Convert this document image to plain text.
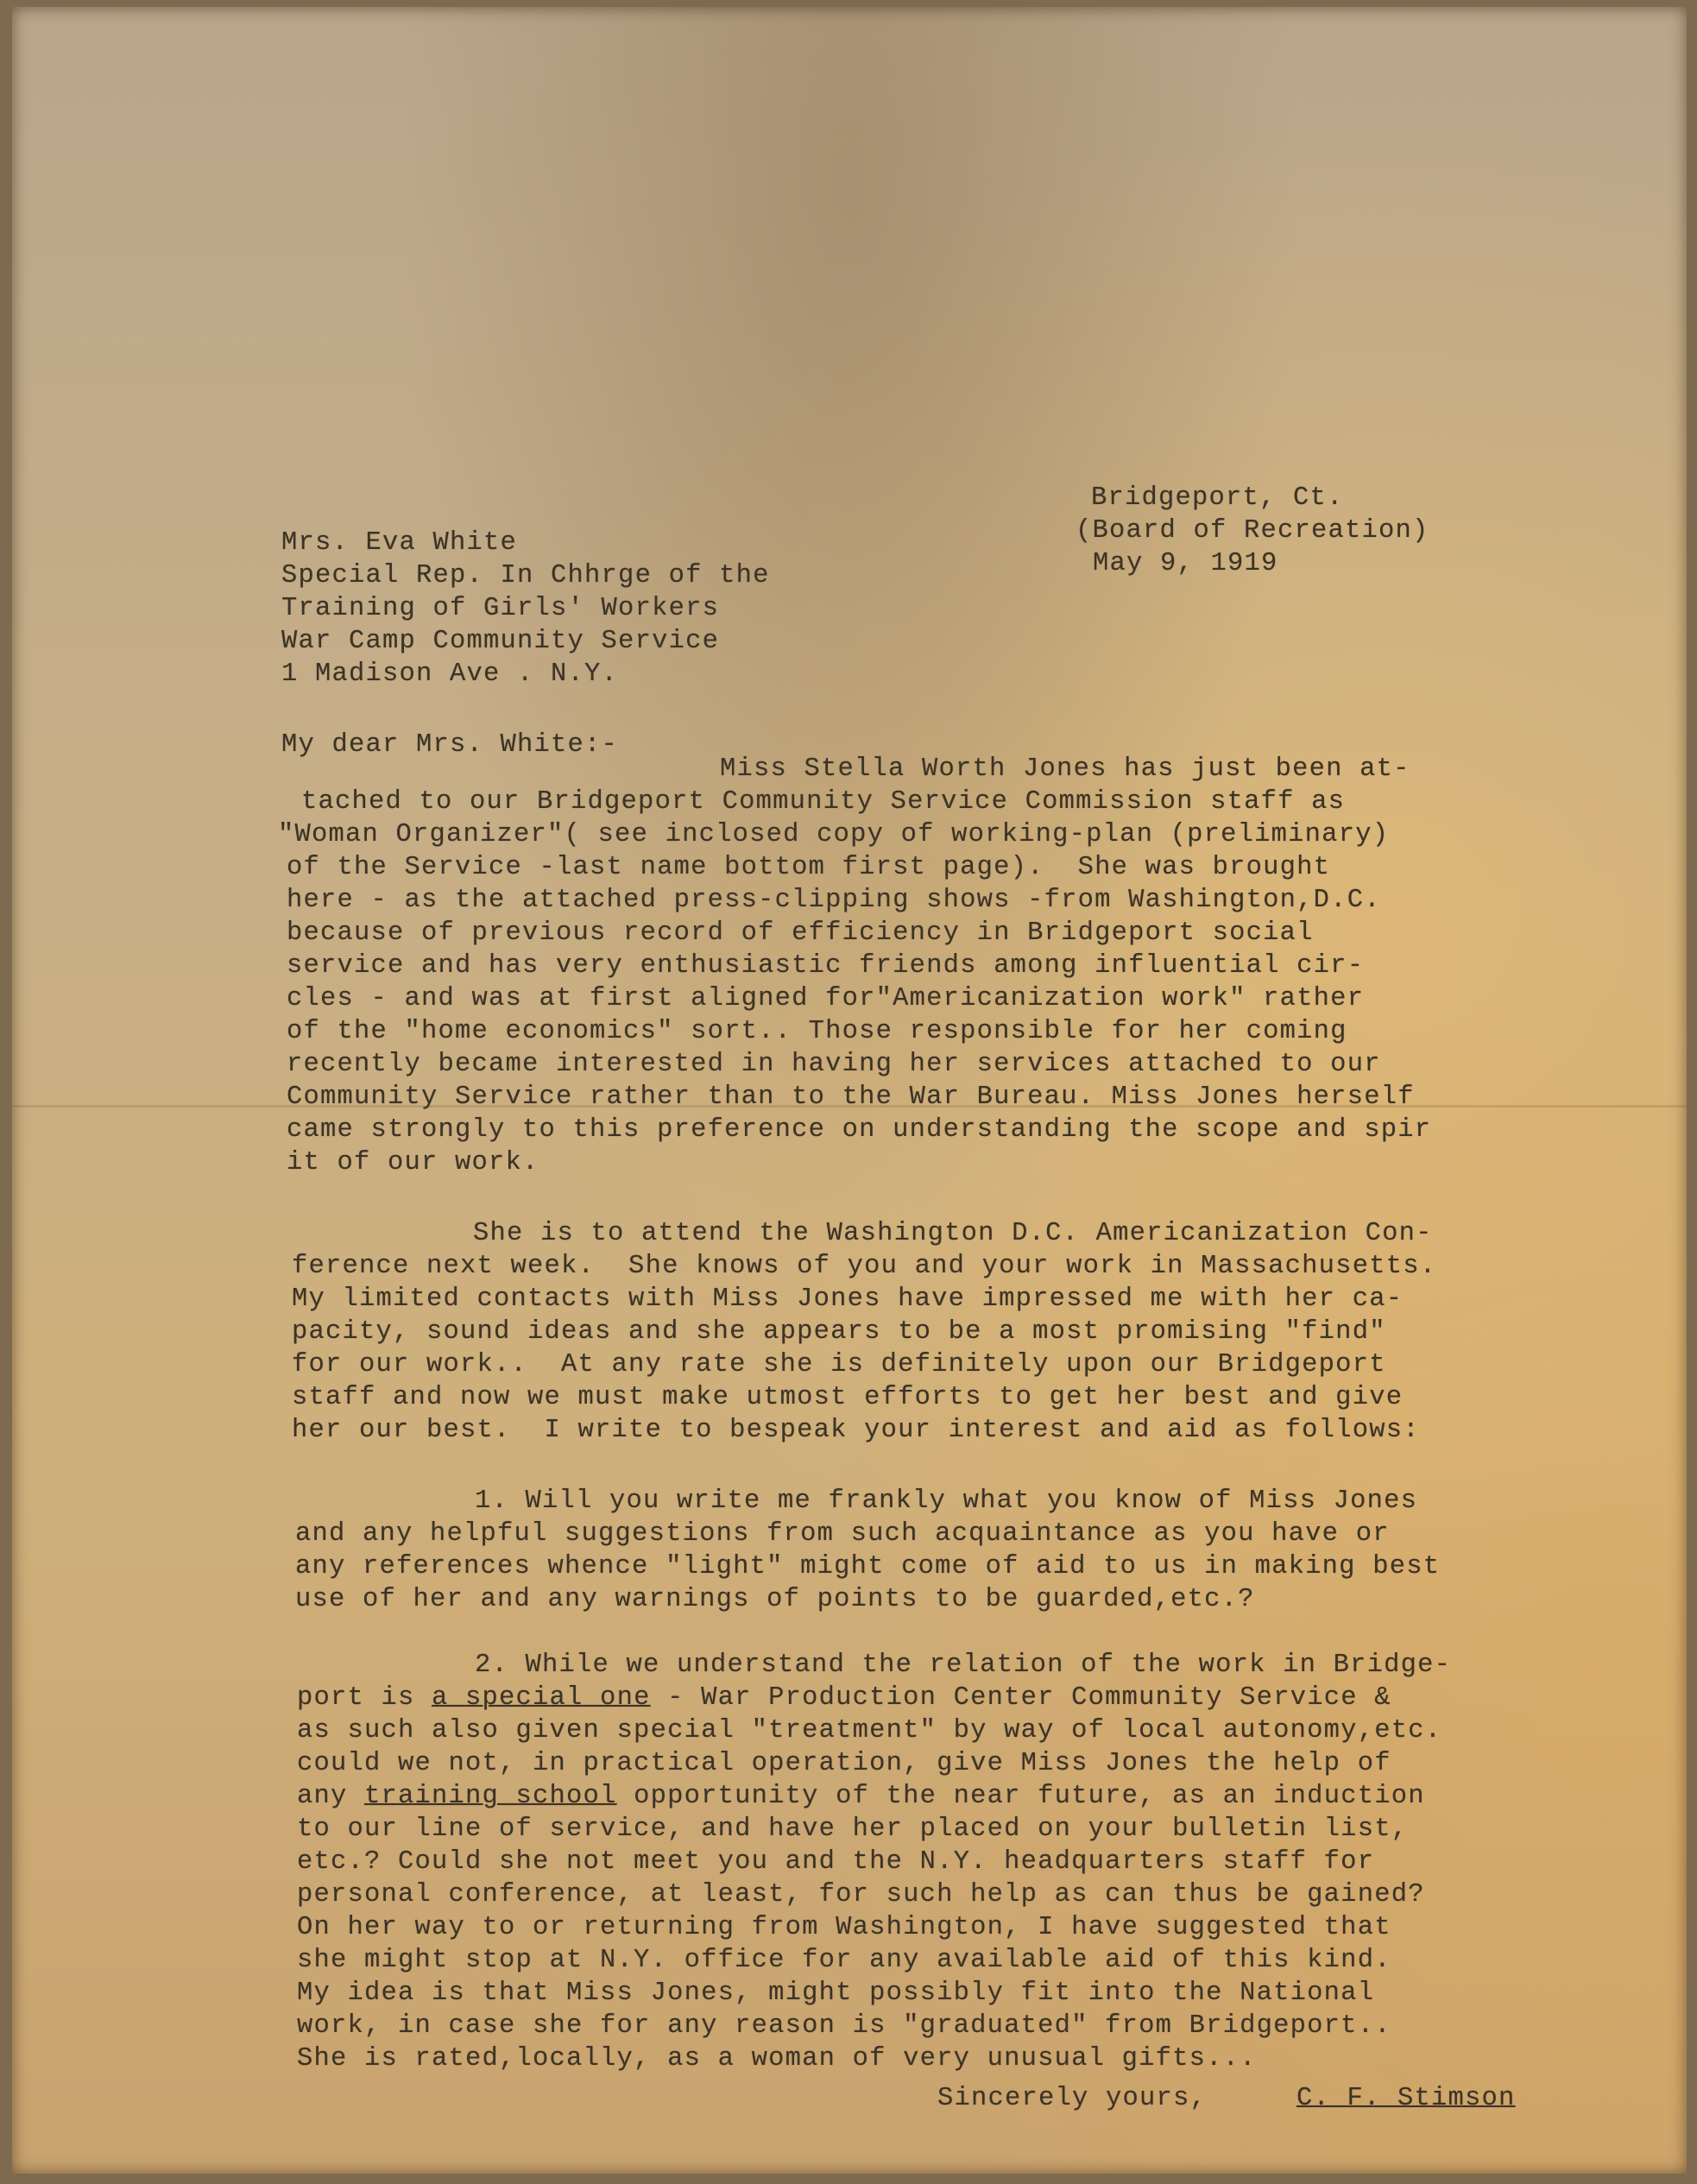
Bridgeport, Ct.

(Board of Recreation)

May 9, 1919

Mrs. Eva White

Special Rep. In Chhrge of the

Training of Girls' Workers

War Camp Community Service

1 Madison Ave . N.Y.

My dear Mrs. White:-

Miss Stella Worth Jones has just been at-

tached to our Bridgeport Community Service Commission staff as

"Woman Organizer"( see inclosed copy of working-plan (preliminary)

of the Service -last name bottom first page).  She was brought

here - as the attached press-clipping shows -from Washington,D.C.

because of previous record of efficiency in Bridgeport social

service and has very enthusiastic friends among influential cir-

cles - and was at first aligned for"Americanization work" rather

of the "home economics" sort.. Those responsible for her coming

recently became interested in having her services attached to our

Community Service rather than to the War Bureau. Miss Jones herself

came strongly to this preference on understanding the scope and spir

it of our work.

She is to attend the Washington D.C. Americanization Con-

ference next week.  She knows of you and your work in Massachusetts.

My limited contacts with Miss Jones have impressed me with her ca-

pacity, sound ideas and she appears to be a most promising "find"

for our work..  At any rate she is definitely upon our Bridgeport

staff and now we must make utmost efforts to get her best and give

her our best.  I write to bespeak your interest and aid as follows:

1. Will you write me frankly what you know of Miss Jones

and any helpful suggestions from such acquaintance as you have or

any references whence "light" might come of aid to us in making best

use of her and any warnings of points to be guarded,etc.?

2. While we understand the relation of the work in Bridge-

port is a special one - War Production Center Community Service &

as such also given special "treatment" by way of local autonomy,etc.

could we not, in practical operation, give Miss Jones the help of

any training school opportunity of the near future, as an induction

to our line of service, and have her placed on your bulletin list,

etc.? Could she not meet you and the N.Y. headquarters staff for

personal conference, at least, for such help as can thus be gained?

On her way to or returning from Washington, I have suggested that

she might stop at N.Y. office for any available aid of this kind.

My idea is that Miss Jones, might possibly fit into the National

work, in case she for any reason is "graduated" from Bridgeport..

She is rated,locally, as a woman of very unusual gifts...

Sincerely yours,	C. F. Stimson
